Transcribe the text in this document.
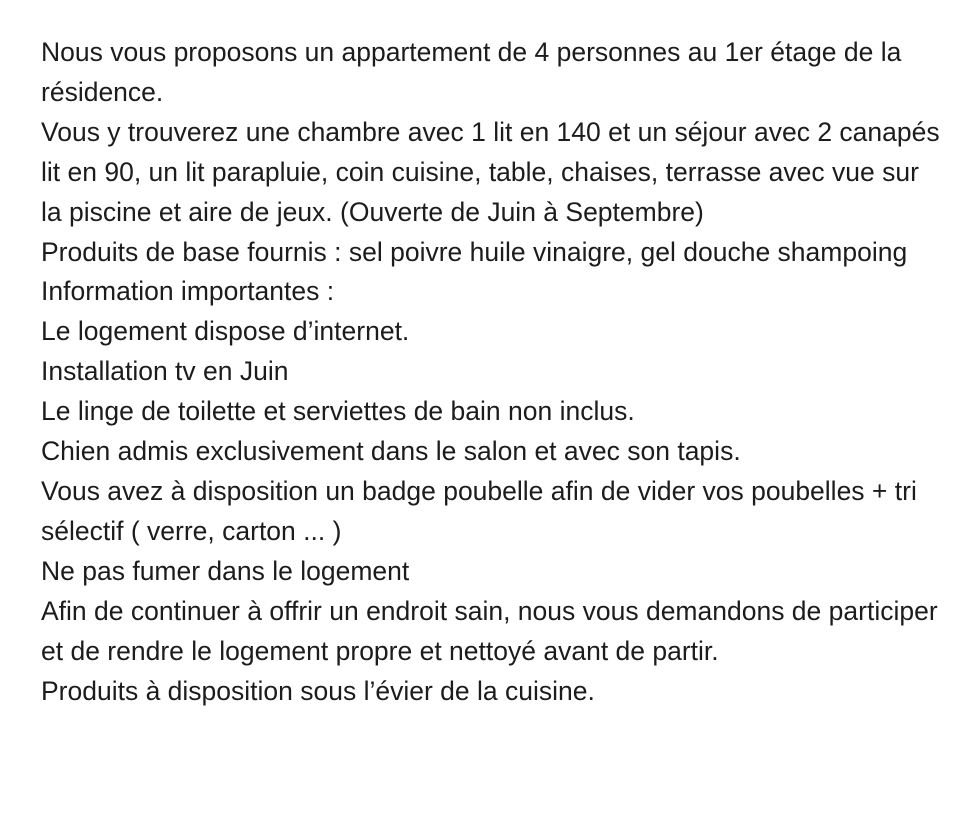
Nous vous proposons un appartement de 4 personnes au 1er étage de la résidence.

Vous y trouverez une chambre avec 1 lit en 140 et un séjour avec 2 canapés lit en 90, un lit parapluie, coin cuisine, table, chaises, terrasse avec vue sur la piscine et aire de jeux. (Ouverte de Juin à Septembre)

Produits de base fournis : sel poivre huile vinaigre, gel douche shampoing

Information importantes :

Le logement dispose d’internet.

Installation tv en Juin

Le linge de toilette et serviettes de bain non inclus.

Chien admis exclusivement dans le salon et avec son tapis.

Vous avez à disposition un badge poubelle afin de vider vos poubelles + tri sélectif ( verre, carton ... )

Ne pas fumer dans le logement

Afin de continuer à offrir un endroit sain, nous vous demandons de participer et de rendre le logement propre et nettoyé avant de partir.

Produits à disposition sous l’évier de la cuisine.
